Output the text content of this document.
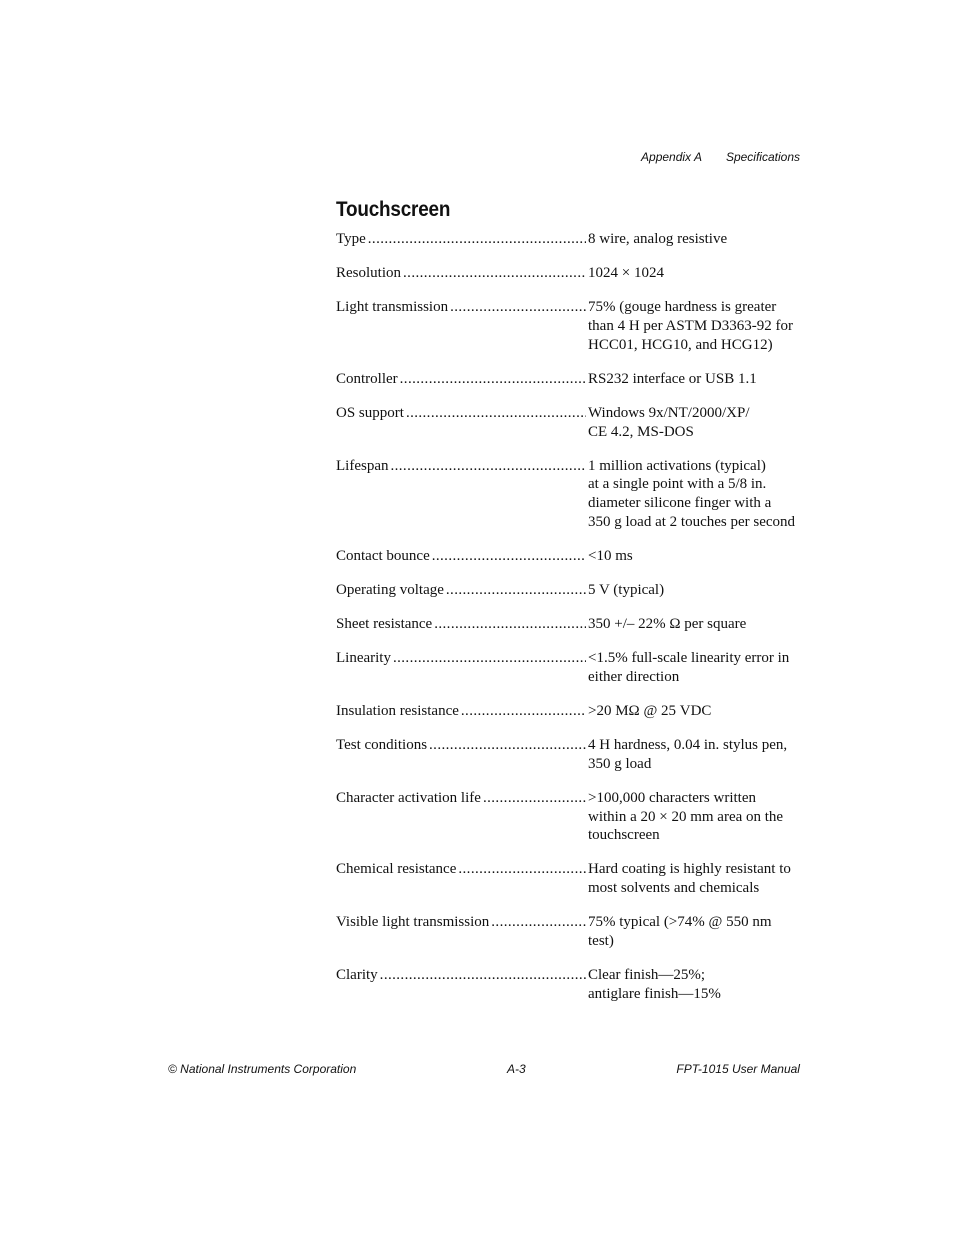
Appendix A Specifications
Touchscreen
Type .....	8 wire, analog resistive
Resolution .....	1024 × 1024
Light transmission .....	75% (gouge hardness is greater
than 4 H per ASTM D3363-92 for
HCC01, HCG10, and HCG12)
Controller .....	RS232 interface or USB 1.1
OS support .....	Windows 9x/NT/2000/XP/
CE 4.2, MS-DOS
Lifespan .....	1 million activations (typical)
at a single point with a 5/8 in.
diameter silicone finger with a
350 g load at 2 touches per second
Contact bounce .....	<10 ms
Operating voltage .....	5 V (typical)
Sheet resistance .....	350 +/– 22% Ω per square
Linearity .....	<1.5% full-scale linearity error in
either direction
Insulation resistance .....	>20 MΩ @ 25 VDC
Test conditions .....	4 H hardness, 0.04 in. stylus pen,
350 g load
Character activation life .....	>100,000 characters written
within a 20 × 20 mm area on the
touchscreen
Chemical resistance .....	Hard coating is highly resistant to
most solvents and chemicals
Visible light transmission .....	75% typical (>74% @ 550 nm
test)
Clarity .....	Clear finish—25%;
antiglare finish—15%
© National Instruments Corporation	A-3	FPT-1015 User Manual
